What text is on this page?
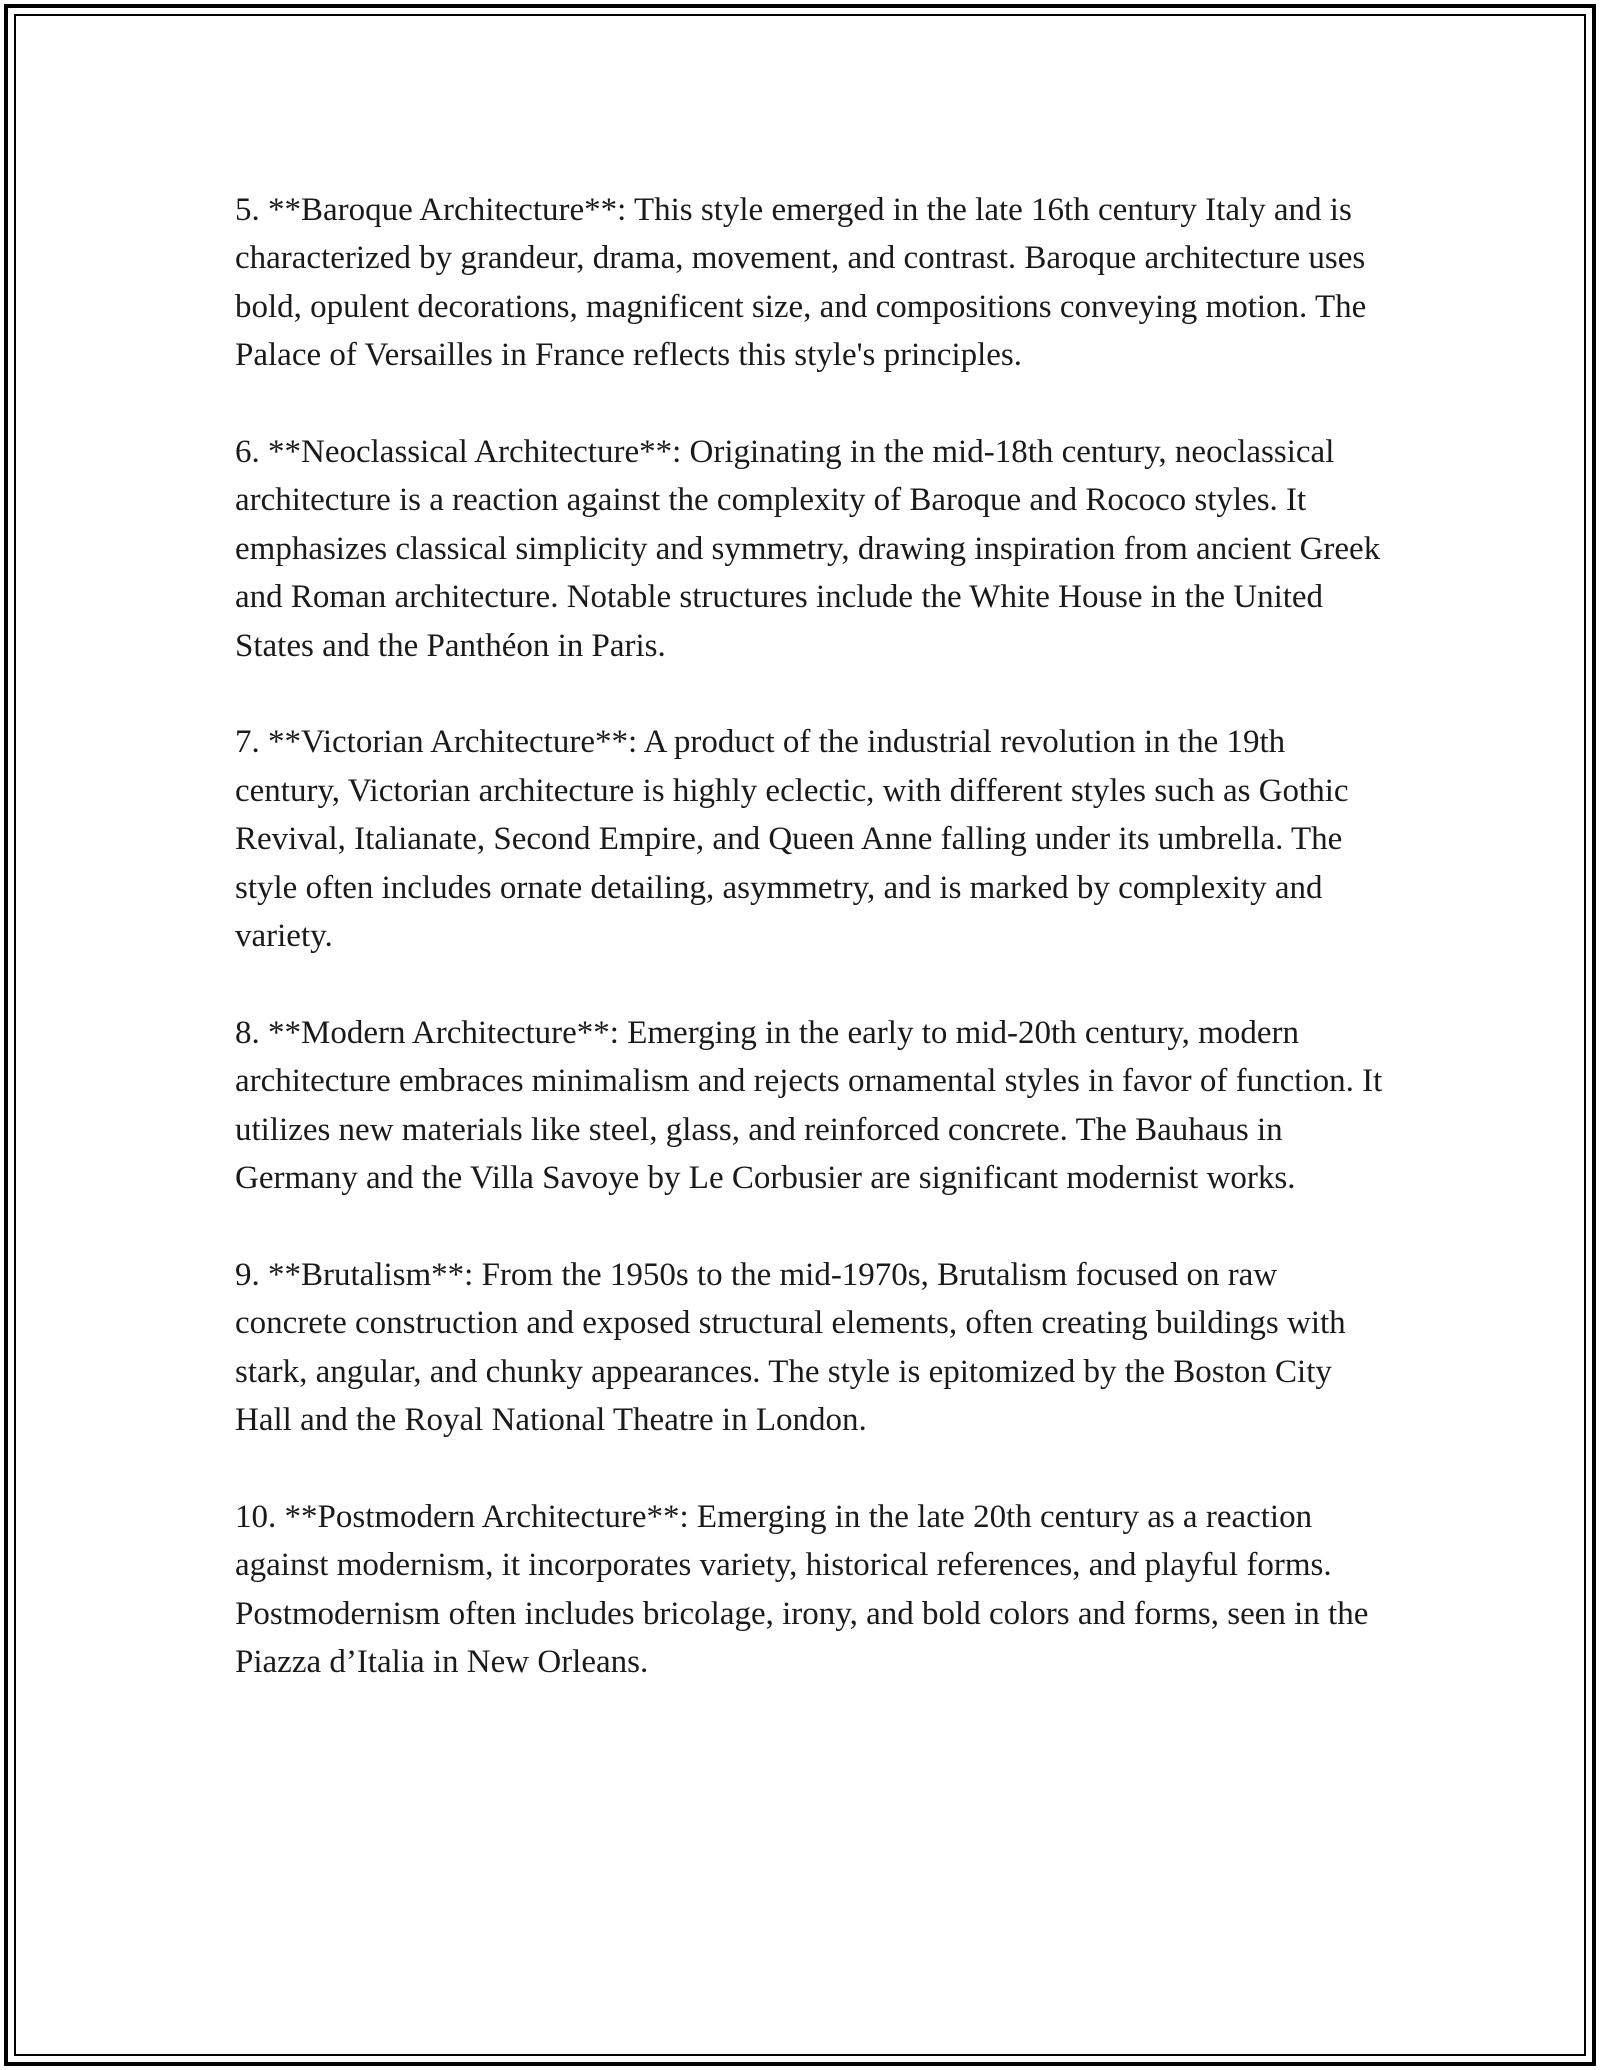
5. **Baroque Architecture**: This style emerged in the late 16th century Italy and is characterized by grandeur, drama, movement, and contrast. Baroque architecture uses bold, opulent decorations, magnificent size, and compositions conveying motion. The Palace of Versailles in France reflects this style's principles.

6. **Neoclassical Architecture**: Originating in the mid-18th century, neoclassical architecture is a reaction against the complexity of Baroque and Rococo styles. It emphasizes classical simplicity and symmetry, drawing inspiration from ancient Greek and Roman architecture. Notable structures include the White House in the United States and the Panthéon in Paris.

7. **Victorian Architecture**: A product of the industrial revolution in the 19th century, Victorian architecture is highly eclectic, with different styles such as Gothic Revival, Italianate, Second Empire, and Queen Anne falling under its umbrella. The style often includes ornate detailing, asymmetry, and is marked by complexity and variety.

8. **Modern Architecture**: Emerging in the early to mid-20th century, modern architecture embraces minimalism and rejects ornamental styles in favor of function. It utilizes new materials like steel, glass, and reinforced concrete. The Bauhaus in Germany and the Villa Savoye by Le Corbusier are significant modernist works.

9. **Brutalism**: From the 1950s to the mid-1970s, Brutalism focused on raw concrete construction and exposed structural elements, often creating buildings with stark, angular, and chunky appearances. The style is epitomized by the Boston City Hall and the Royal National Theatre in London.

10. **Postmodern Architecture**: Emerging in the late 20th century as a reaction against modernism, it incorporates variety, historical references, and playful forms. Postmodernism often includes bricolage, irony, and bold colors and forms, seen in the Piazza d’Italia in New Orleans.
